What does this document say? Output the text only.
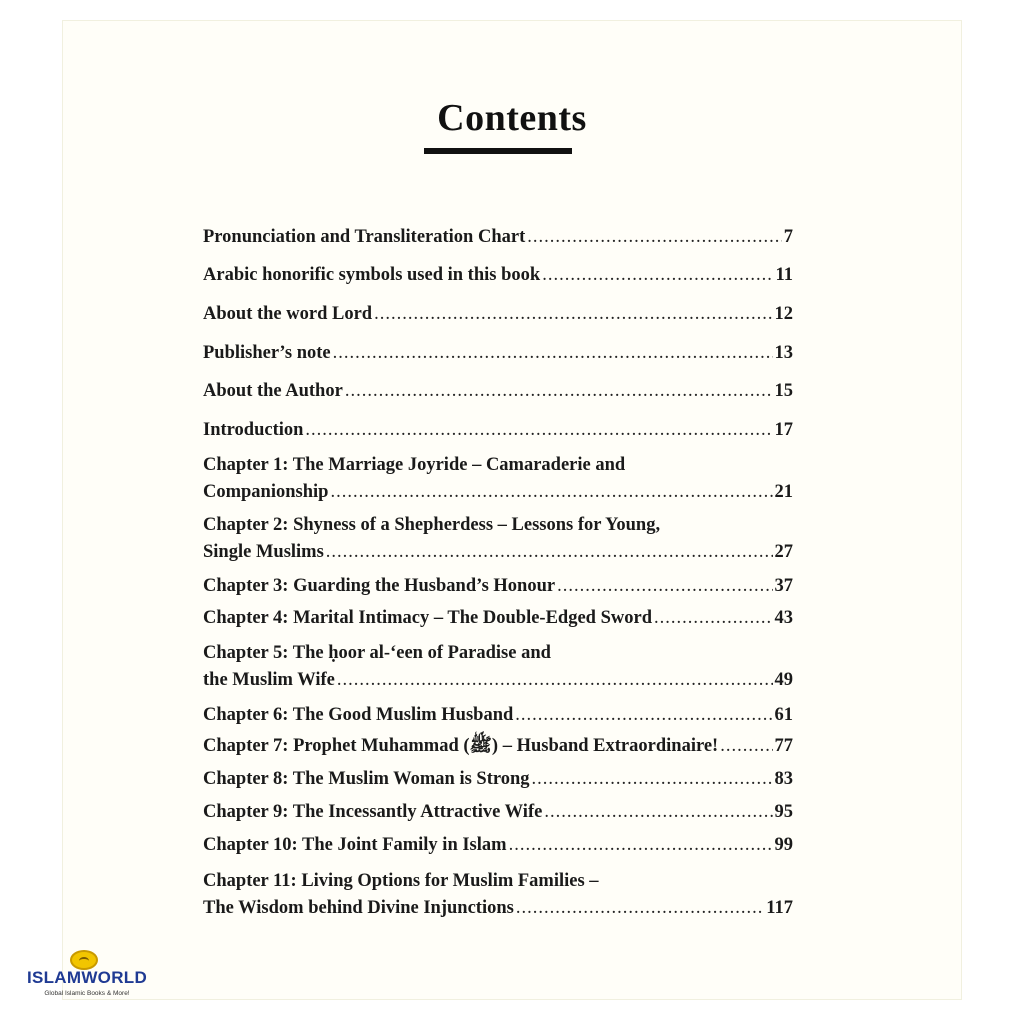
Contents
Pronunciation and Transliteration Chart .....	7
Arabic honorific symbols used in this book .....	11
About the word Lord .....	12
Publisher’s note .....	13
About the Author .....	15
Introduction .....	17
Chapter 1: The Marriage Joyride – Camaraderie and
Companionship .....	21
Chapter 2: Shyness of a Shepherdess – Lessons for Young,
Single Muslims .....	27
Chapter 3: Guarding the Husband’s Honour .....	37
Chapter 4: Marital Intimacy – The Double-Edged Sword .....	43
Chapter 5: The ḥoor al-‘een of Paradise and
the Muslim Wife .....	49
Chapter 6: The Good Muslim Husband .....	61
Chapter 7: Prophet Muhammad (ﷺ) – Husband Extraordinaire! .....	77
Chapter 8: The Muslim Woman is Strong .....	83
Chapter 9: The Incessantly Attractive Wife .....	95
Chapter 10: The Joint Family in Islam .....	99
Chapter 11: Living Options for Muslim Families –
The Wisdom behind Divine Injunctions .....	117
ISLAMWORLD
Global Islamic Books & More!
